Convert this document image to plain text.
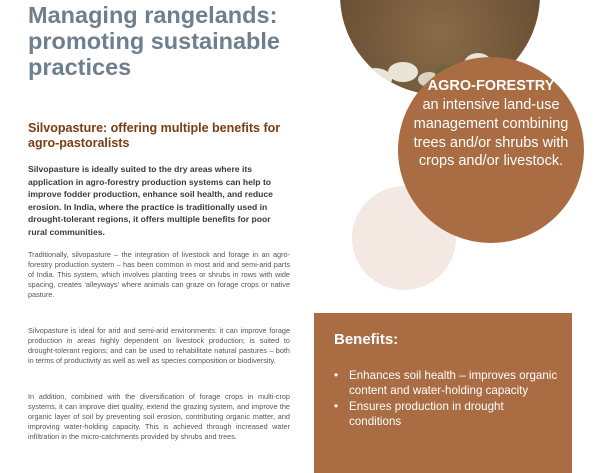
Managing rangelands: promoting sustainable practices
Silvopasture: offering multiple benefits for agro-pastoralists

Silvopasture is ideally suited to the dry areas where its application in agro-forestry production systems can help to improve fodder production, enhance soil health, and reduce erosion. In India, where the practice is traditionally used in drought-tolerant regions, it offers multiple benefits for poor rural communities.

Traditionally, silvopasture – the integration of livestock and forage in an agro-forestry production system – has been common in most arid and semi-arid parts of India. This system, which involves planting trees or shrubs in rows with wide spacing, creates ‘alleyways’ where animals can graze on forage crops or native pasture.

Silvopasture is ideal for arid and semi-arid environments: it can improve forage production in areas highly dependent on livestock production; is suited to drought-tolerant regions; and can be used to rehabilitate natural pastures – both in terms of productivity as well as well as species composition or biodiversity.

In addition, combined with the diversification of forage crops in multi-crop systems, it can improve diet quality, extend the grazing system, and improve the organic layer of soil by preventing soil erosion, contributing organic matter, and improving water-holding capacity. This is achieved through increased water infiltration in the micro-catchments provided by shrubs and trees.

AGRO-FORESTRY
an intensive land-use management combining trees and/or shrubs with crops and/or livestock.
Benefits:
• Enhances soil health – improves organic content and water-holding capacity
• Ensures production in drought conditions
